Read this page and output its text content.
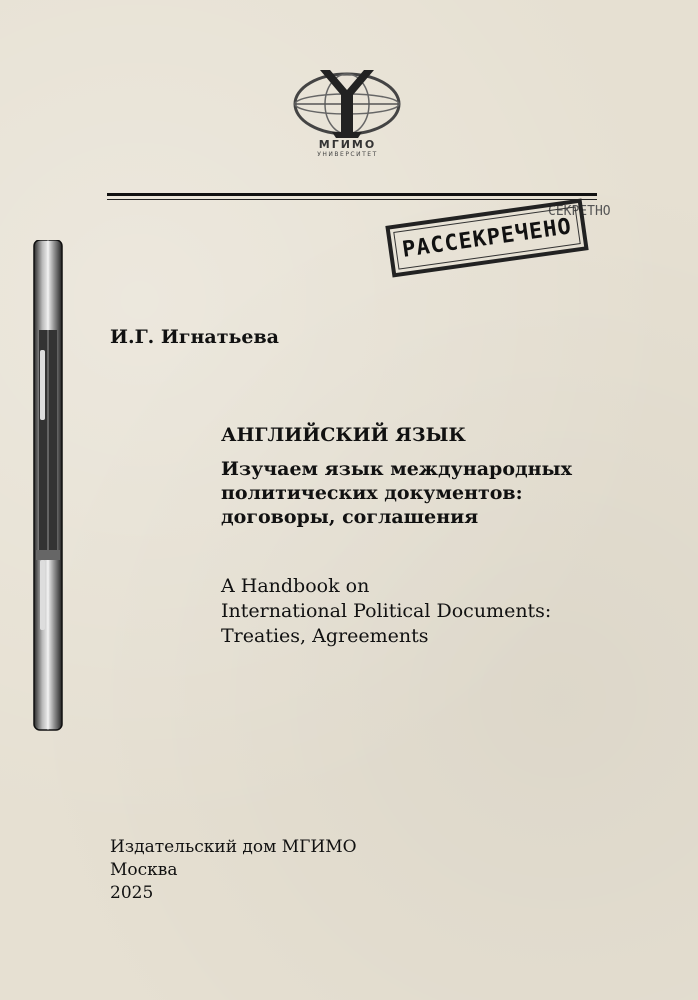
МГИМО
УНИВЕРСИТЕТ
СЕКРЕТНО
РАССЕКРЕЧЕНО
И.Г. Игнатьева
АНГЛИЙСКИЙ ЯЗЫК
Изучаем язык международных
политических документов:
договоры, соглашения
A Handbook on
International Political Documents:
Treaties, Agreements
Издательский дом МГИМО
Москва
2025
